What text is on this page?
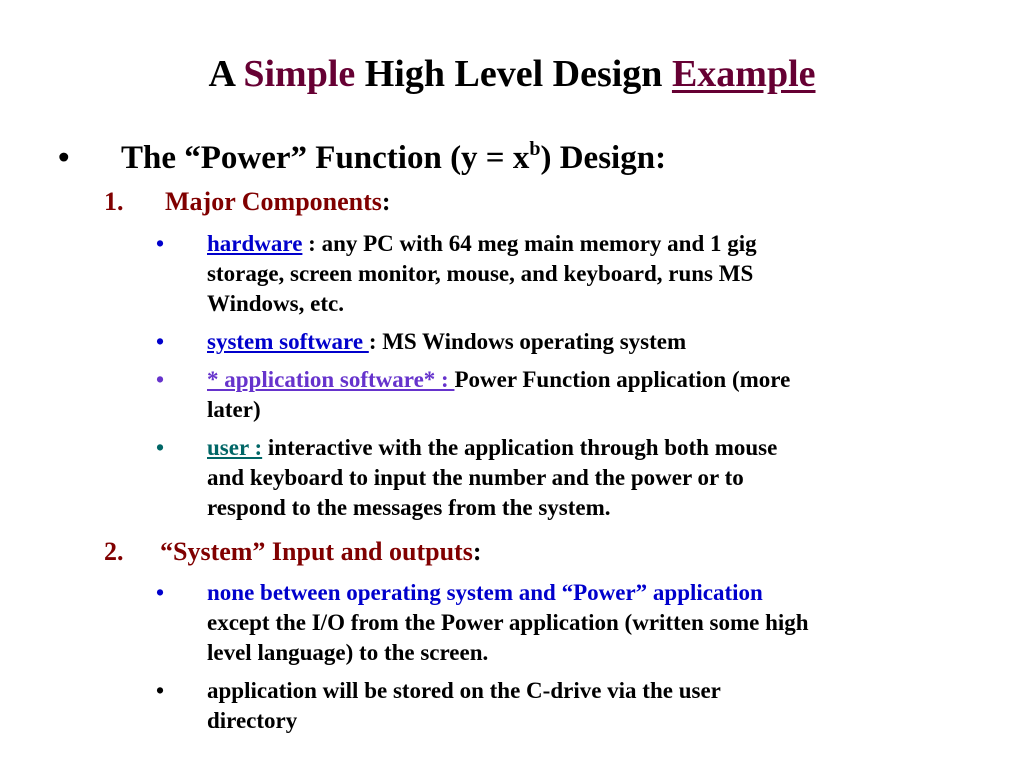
A Simple High Level Design Example
• The “Power” Function $(y = x^b)$ Design:
1. Major Components:
• hardware : any PC with 64 meg main memory and 1 gig
storage, screen monitor, mouse, and keyboard, runs MS
Windows, etc.
• system software : MS Windows operating system
• * application software* : Power Function application (more
later)
• user : interactive with the application through both mouse
and keyboard to input the number and the power or to
respond to the messages from the system.
2. “System” Input and outputs:
• none between operating system and “Power” application
except the I/O from the Power application (written some high
level language) to the screen.
• application will be stored on the C-drive via the user
directory
